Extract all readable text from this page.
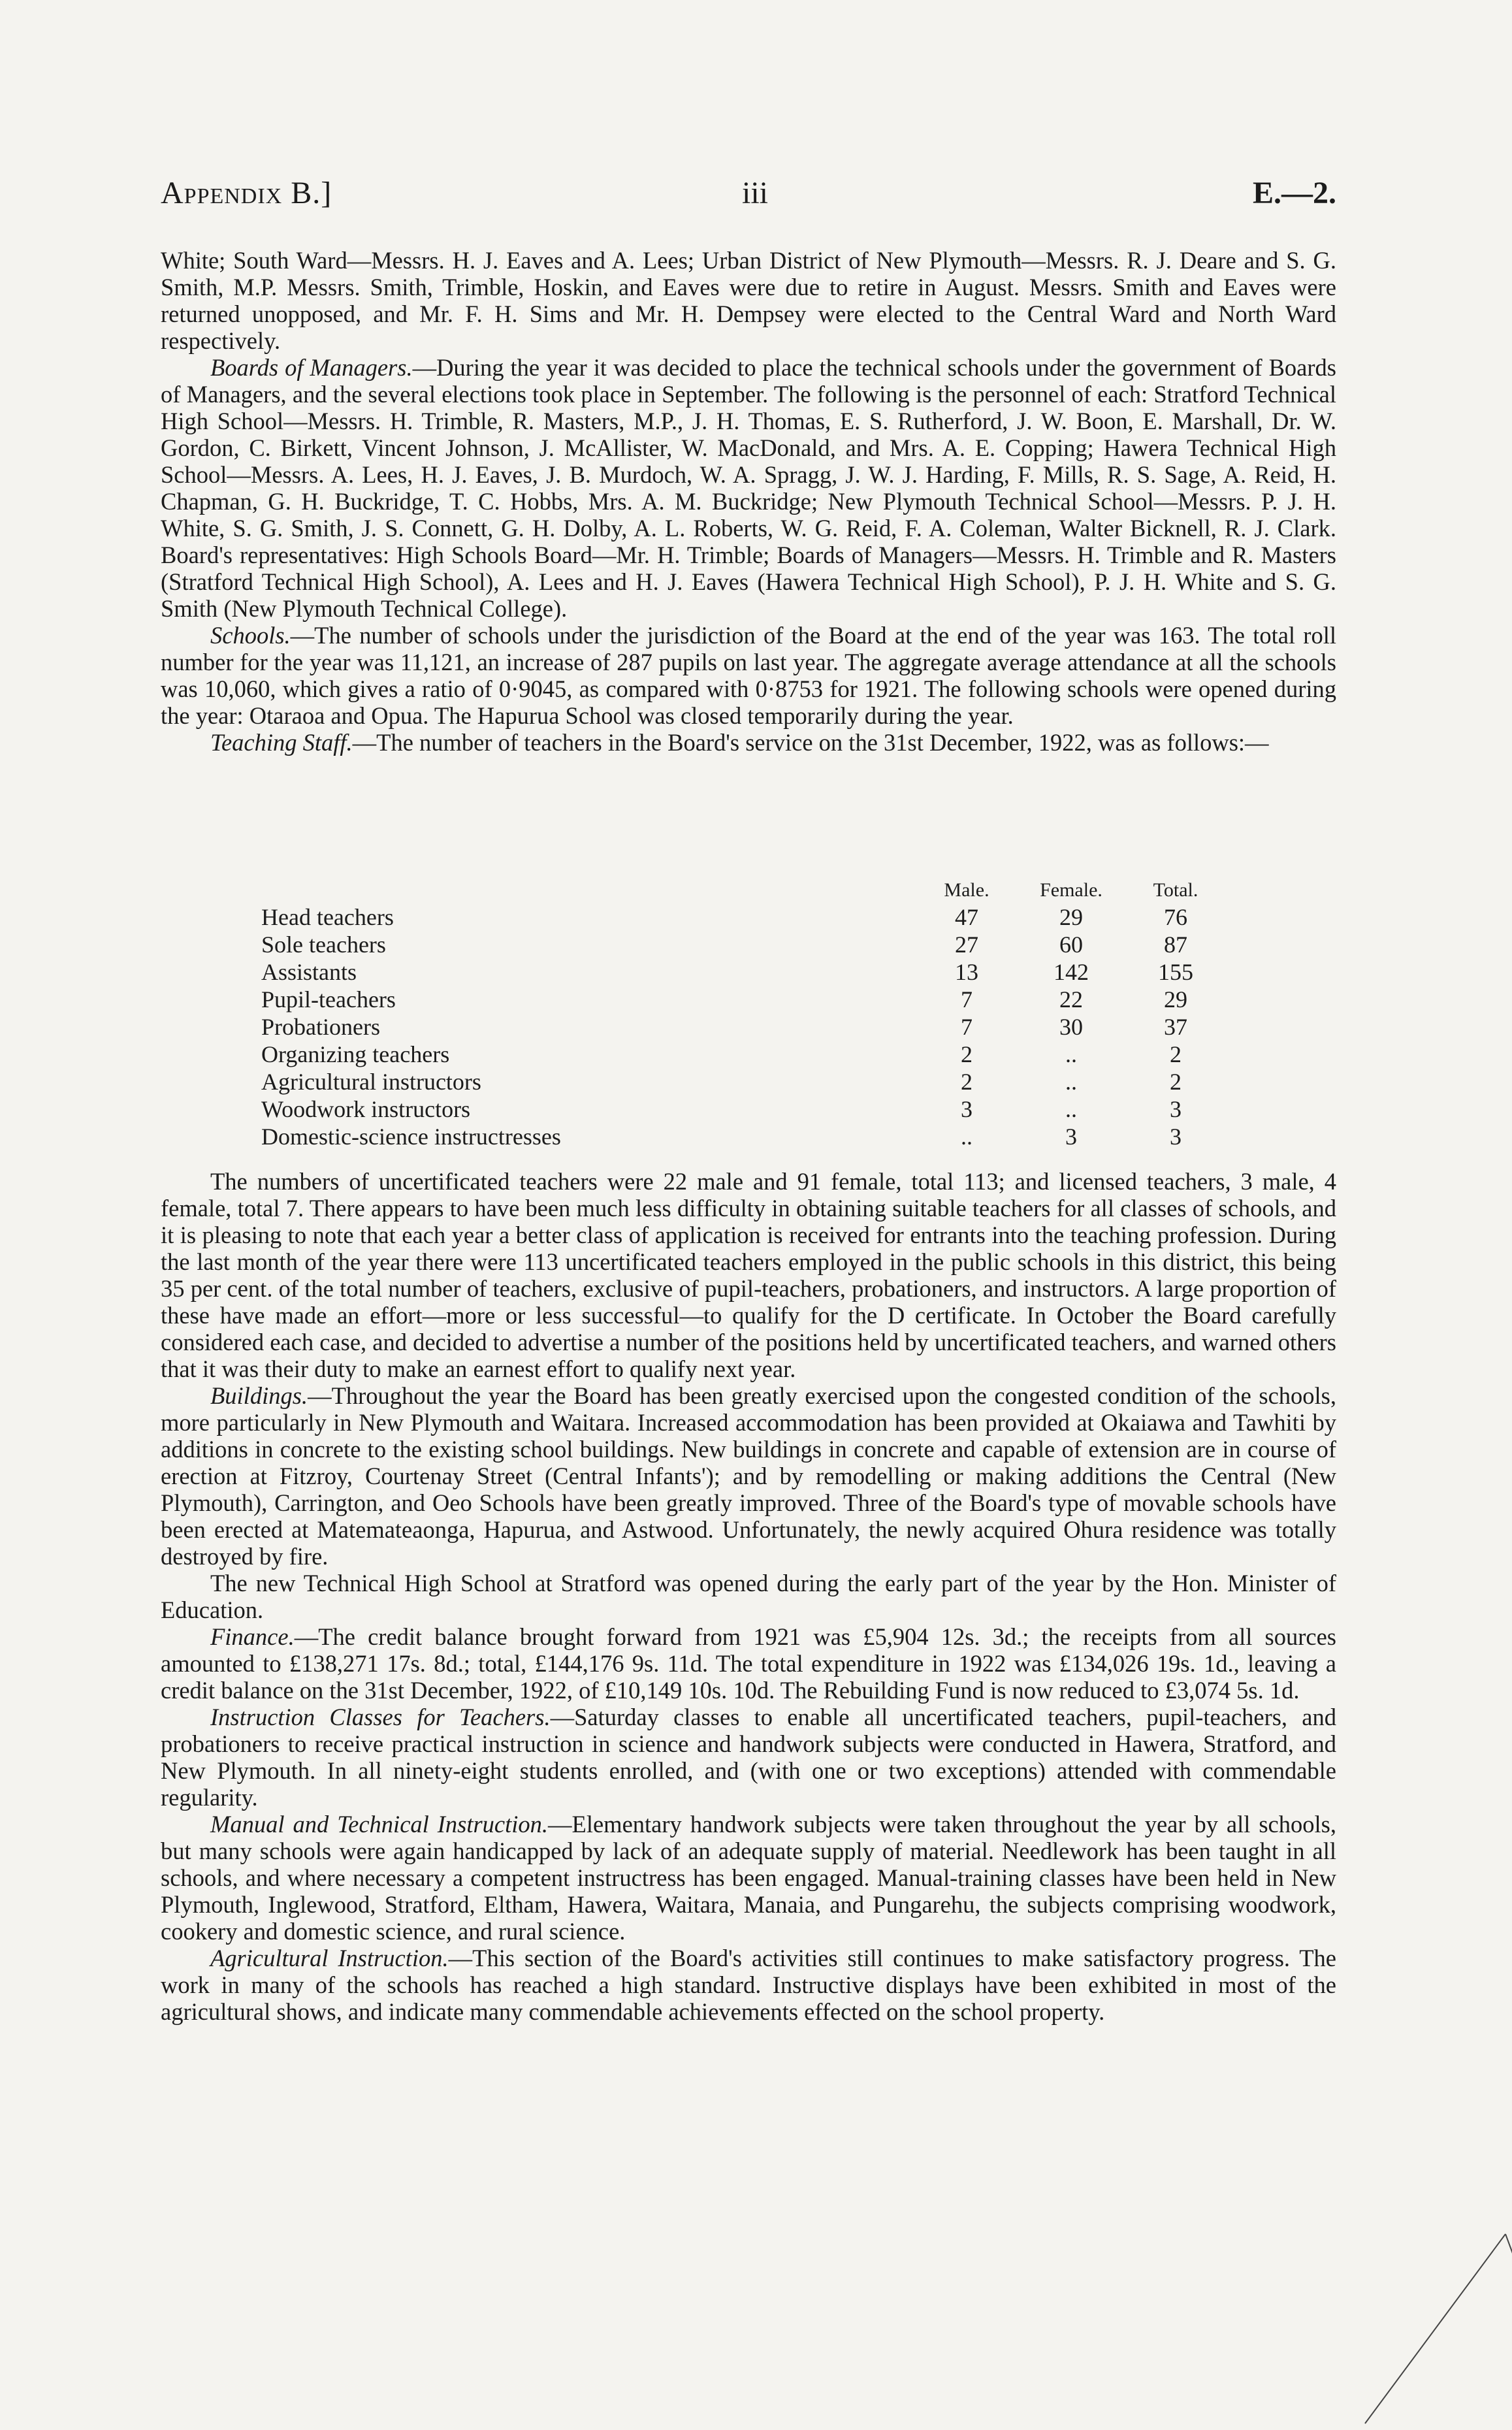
Appendix B.]	iii	E.—2.

White; South Ward—Messrs. H. J. Eaves and A. Lees; Urban District of New Plymouth—Messrs. R. J. Deare and S. G. Smith, M.P. Messrs. Smith, Trimble, Hoskin, and Eaves were due to retire in August. Messrs. Smith and Eaves were returned unopposed, and Mr. F. H. Sims and Mr. H. Dempsey were elected to the Central Ward and North Ward respectively.

Boards of Managers.—During the year it was decided to place the technical schools under the government of Boards of Managers, and the several elections took place in September. The following is the personnel of each: Stratford Technical High School—Messrs. H. Trimble, R. Masters, M.P., J. H. Thomas, E. S. Rutherford, J. W. Boon, E. Marshall, Dr. W. Gordon, C. Birkett, Vincent Johnson, J. McAllister, W. MacDonald, and Mrs. A. E. Copping; Hawera Technical High School—Messrs. A. Lees, H. J. Eaves, J. B. Murdoch, W. A. Spragg, J. W. J. Harding, F. Mills, R. S. Sage, A. Reid, H. Chapman, G. H. Buckridge, T. C. Hobbs, Mrs. A. M. Buckridge; New Plymouth Technical School—Messrs. P. J. H. White, S. G. Smith, J. S. Connett, G. H. Dolby, A. L. Roberts, W. G. Reid, F. A. Coleman, Walter Bicknell, R. J. Clark. Board's representatives: High Schools Board—Mr. H. Trimble; Boards of Managers—Messrs. H. Trimble and R. Masters (Stratford Technical High School), A. Lees and H. J. Eaves (Hawera Technical High School), P. J. H. White and S. G. Smith (New Plymouth Technical College).

Schools.—The number of schools under the jurisdiction of the Board at the end of the year was 163. The total roll number for the year was 11,121, an increase of 287 pupils on last year. The aggregate average attendance at all the schools was 10,060, which gives a ratio of 0·9045, as compared with 0·8753 for 1921. The following schools were opened during the year: Otaraoa and Opua. The Hapurua School was closed temporarily during the year.

Teaching Staff.—The number of teachers in the Board's service on the 31st December, 1922, was as follows:—

	Male.	Female.	Total.
Head teachers	47	29	76
Sole teachers	27	60	87
Assistants	13	142	155
Pupil-teachers	7	22	29
Probationers	7	30	37
Organizing teachers	2	..	2
Agricultural instructors	2	..	2
Woodwork instructors	3	..	3
Domestic-science instructresses	..	3	3

The numbers of uncertificated teachers were 22 male and 91 female, total 113; and licensed teachers, 3 male, 4 female, total 7. There appears to have been much less difficulty in obtaining suitable teachers for all classes of schools, and it is pleasing to note that each year a better class of application is received for entrants into the teaching profession. During the last month of the year there were 113 uncertificated teachers employed in the public schools in this district, this being 35 per cent. of the total number of teachers, exclusive of pupil-teachers, probationers, and instructors. A large proportion of these have made an effort—more or less successful—to qualify for the D certificate. In October the Board carefully considered each case, and decided to advertise a number of the positions held by uncertificated teachers, and warned others that it was their duty to make an earnest effort to qualify next year.

Buildings.—Throughout the year the Board has been greatly exercised upon the congested condition of the schools, more particularly in New Plymouth and Waitara. Increased accommodation has been provided at Okaiawa and Tawhiti by additions in concrete to the existing school buildings. New buildings in concrete and capable of extension are in course of erection at Fitzroy, Courtenay Street (Central Infants'); and by remodelling or making additions the Central (New Plymouth), Carrington, and Oeo Schools have been greatly improved. Three of the Board's type of movable schools have been erected at Matemateaonga, Hapurua, and Astwood. Unfortunately, the newly acquired Ohura residence was totally destroyed by fire.

The new Technical High School at Stratford was opened during the early part of the year by the Hon. Minister of Education.

Finance.—The credit balance brought forward from 1921 was £5,904 12s. 3d.; the receipts from all sources amounted to £138,271 17s. 8d.; total, £144,176 9s. 11d. The total expenditure in 1922 was £134,026 19s. 1d., leaving a credit balance on the 31st December, 1922, of £10,149 10s. 10d. The Rebuilding Fund is now reduced to £3,074 5s. 1d.

Instruction Classes for Teachers.—Saturday classes to enable all uncertificated teachers, pupil-teachers, and probationers to receive practical instruction in science and handwork subjects were conducted in Hawera, Stratford, and New Plymouth. In all ninety-eight students enrolled, and (with one or two exceptions) attended with commendable regularity.

Manual and Technical Instruction.—Elementary handwork subjects were taken throughout the year by all schools, but many schools were again handicapped by lack of an adequate supply of material. Needlework has been taught in all schools, and where necessary a competent instructress has been engaged. Manual-training classes have been held in New Plymouth, Inglewood, Stratford, Eltham, Hawera, Waitara, Manaia, and Pungarehu, the subjects comprising woodwork, cookery and domestic science, and rural science.

Agricultural Instruction.—This section of the Board's activities still continues to make satisfactory progress. The work in many of the schools has reached a high standard. Instructive displays have been exhibited in most of the agricultural shows, and indicate many commendable achievements effected on the school property.
